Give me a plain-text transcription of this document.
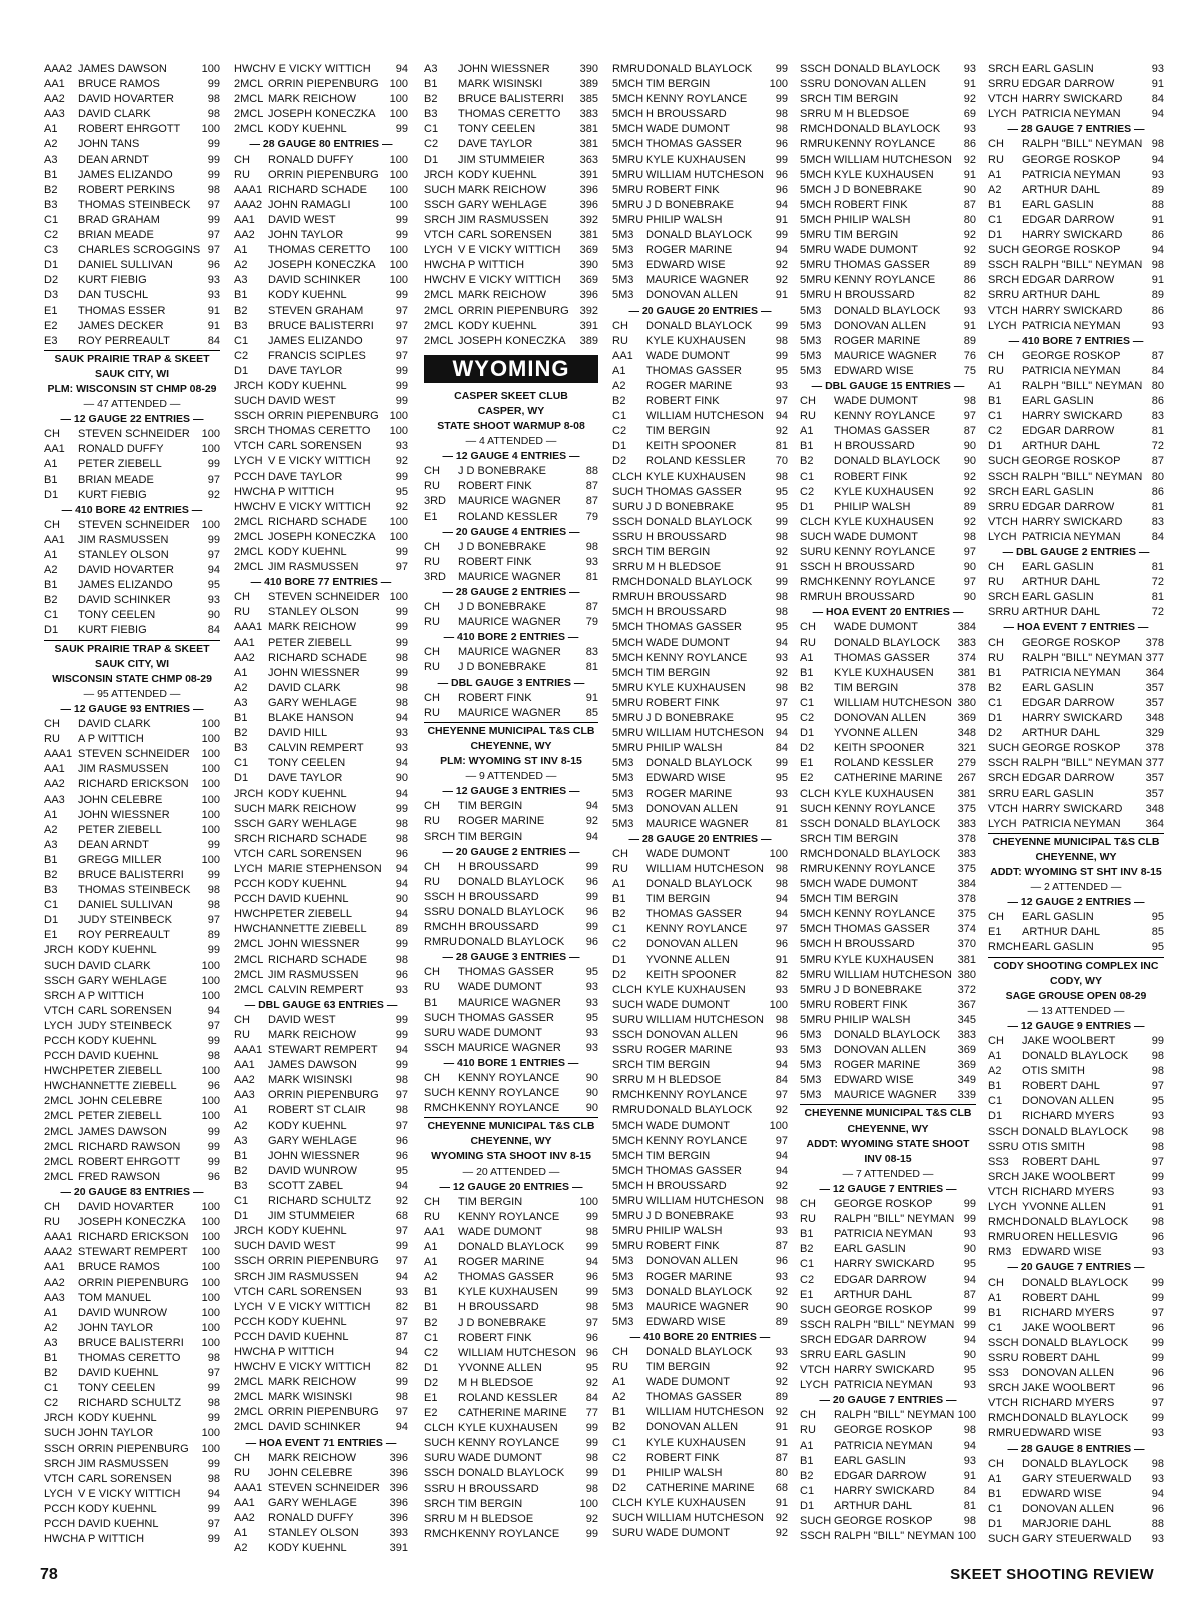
AAA2 JAMES DAWSON	100
AA1	BRUCE RAMOS	99
AA2	DAVID HOVARTER	98
AA3	DAVID CLARK	98
A1	ROBERT EHRGOTT	100
A2	JOHN TANS	99
A3	DEAN ARNDT	99
B1	JAMES ELIZANDO	99
B2	ROBERT PERKINS	98
B3	THOMAS STEINBECK	97
C1	BRAD GRAHAM	99
C2	BRIAN MEADE	97
C3	CHARLES SCROGGINS 97
D1	DANIEL SULLIVAN	96
D2	KURT FIEBIG	93
D3	DAN TUSCHL	93
E1	THOMAS ESSER	91
E2	JAMES DECKER	91
E3	ROY PERREAULT	84
SAUK PRAIRIE TRAP & SKEET
SAUK CITY, WI
PLM: WISCONSIN ST CHMP 08-29
— 47 ATTENDED —
— 12 GAUGE 22 ENTRIES —
CH	STEVEN SCHNEIDER	100
AA1	RONALD DUFFY	100
A1	PETER ZIEBELL	99
B1	BRIAN MEADE	97
D1	KURT FIEBIG	92
— 410 BORE 42 ENTRIES —
CH	STEVEN SCHNEIDER	100
AA1	JIM RASMUSSEN	99
A1	STANLEY OLSON	97
A2	DAVID HOVARTER	94
B1	JAMES ELIZANDO	95
B2	DAVID SCHINKER	93
C1	TONY CEELEN	90
D1	KURT FIEBIG	84
SAUK PRAIRIE TRAP & SKEET
SAUK CITY, WI
WISCONSIN STATE CHMP 08-29
— 95 ATTENDED —
— 12 GAUGE 93 ENTRIES —
CH	DAVID CLARK	100
RU	A P WITTICH	100
AAA1 STEVEN SCHNEIDER	100
AA1	JIM RASMUSSEN	100
AA2	RICHARD ERICKSON	100
AA3	JOHN CELEBRE	100
A1	JOHN WIESSNER	100
A2	PETER ZIEBELL	100
A3	DEAN ARNDT	99
B1	GREGG MILLER	100
B2	BRUCE BALISTERRI	99
B3	THOMAS STEINBECK	98
C1	DANIEL SULLIVAN	98
D1	JUDY STEINBECK	97
E1	ROY PERREAULT	89
JRCH KODY KUEHNL	99
SUCH DAVID CLARK	100
SSCH GARY WEHLAGE	100
SRCH A P WITTICH	100
VTCH CARL SORENSEN	94
LYCH JUDY STEINBECK	97
PCCH KODY KUEHNL	99
PCCH DAVID KUEHNL	98
HWCH PETER ZIEBELL	100
HWCH ANNETTE ZIEBELL	96
2MCL JOHN CELEBRE	100
2MCL PETER ZIEBELL	100
2MCL JAMES DAWSON	99
2MCL RICHARD RAWSON	99
2MCL ROBERT EHRGOTT	99
2MCL FRED RAWSON	96
— 20 GAUGE 83 ENTRIES —
CH	DAVID HOVARTER	100
RU	JOSEPH KONECZKA	100
AAA1 RICHARD ERICKSON	100
AAA2 STEWART REMPERT	100
AA1	BRUCE RAMOS	100
AA2	ORRIN PIEPENBURG	100
AA3	TOM MANUEL	100
A1	DAVID WUNROW	100
A2	JOHN TAYLOR	100
A3	BRUCE BALISTERRI	100
B1	THOMAS CERETTO	98
B2	DAVID KUEHNL	97
C1	TONY CEELEN	99
C2	RICHARD SCHULTZ	98
JRCH KODY KUEHNL	99
SUCH JOHN TAYLOR	100
SSCH ORRIN PIEPENBURG	100
SRCH JIM RASMUSSEN	99
VTCH CARL SORENSEN	98
LYCH V E VICKY WITTICH	94
PCCH KODY KUEHNL	99
PCCH DAVID KUEHNL	97
HWCH A P WITTICH	99
HWCH V E VICKY WITTICH	94
2MCL ORRIN PIEPENBURG	100
2MCL MARK REICHOW	100
2MCL JOSEPH KONECZKA	100
2MCL KODY KUEHNL	99
— 28 GAUGE 80 ENTRIES —
CH	RONALD DUFFY	100
RU	ORRIN PIEPENBURG	100
AAA1 RICHARD SCHADE	100
AAA2 JOHN RAMAGLI	100
AA1	DAVID WEST	99
AA2	JOHN TAYLOR	99
A1	THOMAS CERETTO	100
A2	JOSEPH KONECZKA	100
A3	DAVID SCHINKER	100
B1	KODY KUEHNL	99
B2	STEVEN GRAHAM	97
B3	BRUCE BALISTERRI	97
C1	JAMES ELIZANDO	97
C2	FRANCIS SCIPLES	97
D1	DAVE TAYLOR	99
JRCH KODY KUEHNL	99
SUCH DAVID WEST	99
SSCH ORRIN PIEPENBURG	100
SRCH THOMAS CERETTO	100
VTCH CARL SORENSEN	93
LYCH V E VICKY WITTICH	92
PCCH DAVE TAYLOR	99
HWCH A P WITTICH	95
HWCH V E VICKY WITTICH	92
2MCL RICHARD SCHADE	100
2MCL JOSEPH KONECZKA	100
2MCL KODY KUEHNL	99
2MCL JIM RASMUSSEN	97
— 410 BORE 77 ENTRIES —
CH	STEVEN SCHNEIDER 100
RU	STANLEY OLSON	99
AAA1 MARK REICHOW	99
AA1	PETER ZIEBELL	99
AA2	RICHARD SCHADE	98
A1	JOHN WIESSNER	99
A2	DAVID CLARK	98
A3	GARY WEHLAGE	98
B1	BLAKE HANSON	94
B2	DAVID HILL	93
B3	CALVIN REMPERT	93
C1	TONY CEELEN	94
D1	DAVE TAYLOR	90
JRCH KODY KUEHNL	94
SUCH MARK REICHOW	99
SSCH GARY WEHLAGE	98
SRCH RICHARD SCHADE	98
VTCH CARL SORENSEN	96
LYCH MARIE STEPHENSON	94
PCCH KODY KUEHNL	94
PCCH DAVID KUEHNL	90
HWCH PETER ZIEBELL	94
HWCH ANNETTE ZIEBELL	89
2MCL JOHN WIESSNER	99
2MCL RICHARD SCHADE	98
2MCL JIM RASMUSSEN	96
2MCL CALVIN REMPERT	93
— DBL GAUGE 63 ENTRIES —
CH	DAVID WEST	99
RU	MARK REICHOW	99
AAA1 STEWART REMPERT	94
AA1	JAMES DAWSON	99
AA2	MARK WISINSKI	98
AA3	ORRIN PIEPENBURG	97
A1	ROBERT ST CLAIR	98
A2	KODY KUEHNL	97
A3	GARY WEHLAGE	96
B1	JOHN WIESSNER	96
B2	DAVID WUNROW	95
B3	SCOTT ZABEL	94
C1	RICHARD SCHULTZ	92
D1	JIM STUMMEIER	68
JRCH KODY KUEHNL	97
SUCH DAVID WEST	99
SSCH ORRIN PIEPENBURG	97
SRCH JIM RASMUSSEN	94
VTCH CARL SORENSEN	93
LYCH V E VICKY WITTICH	82
PCCH KODY KUEHNL	97
PCCH DAVID KUEHNL	87
HWCH A P WITTICH	94
HWCH V E VICKY WITTICH	82
2MCL MARK REICHOW	99
2MCL MARK WISINSKI	98
2MCL ORRIN PIEPENBURG	97
2MCL DAVID SCHINKER	94
— HOA EVENT 71 ENTRIES —
CH	MARK REICHOW	396
RU	JOHN CELEBRE	396
AAA1 STEVEN SCHNEIDER 396
AA1	GARY WEHLAGE	396
AA2	RONALD DUFFY	396
A1	STANLEY OLSON	393
A2	KODY KUEHNL	391
A3	JOHN WIESSNER	390
B1	MARK WISINSKI	389
B2	BRUCE BALISTERRI	385
B3	THOMAS CERETTO	383
C1	TONY CEELEN	381
C2	DAVE TAYLOR	381
D1	JIM STUMMEIER	363
JRCH KODY KUEHNL	391
SUCH MARK REICHOW	396
SSCH GARY WEHLAGE	396
SRCH JIM RASMUSSEN	392
VTCH CARL SORENSEN	381
LYCH V E VICKY WITTICH	369
HWCH A P WITTICH	390
HWCH V E VICKY WITTICH	369
2MCL MARK REICHOW	396
2MCL ORRIN PIEPENBURG	392
2MCL KODY KUEHNL	391
2MCL JOSEPH KONECZKA	389
WYOMING
CASPER SKEET CLUB
CASPER, WY
STATE SHOOT WARMUP 8-08
— 4 ATTENDED —
— 12 GAUGE 4 ENTRIES —
CH	J D BONEBRAKE	88
RU	ROBERT FINK	87
3RD	MAURICE WAGNER	87
E1	ROLAND KESSLER	79
— 20 GAUGE 4 ENTRIES —
CH	J D BONEBRAKE	98
RU	ROBERT FINK	93
3RD	MAURICE WAGNER	81
— 28 GAUGE 2 ENTRIES —
CH	J D BONEBRAKE	87
RU	MAURICE WAGNER	79
— 410 BORE 2 ENTRIES —
CH	MAURICE WAGNER	83
RU	J D BONEBRAKE	81
— DBL GAUGE 3 ENTRIES —
CH	ROBERT FINK	91
RU	MAURICE WAGNER	85
CHEYENNE MUNICIPAL T&S CLB
CHEYENNE, WY
PLM: WYOMING ST INV 8-15
— 9 ATTENDED —
— 12 GAUGE 3 ENTRIES —
CH	TIM BERGIN	94
RU	ROGER MARINE	92
SRCH TIM BERGIN	94
— 20 GAUGE 2 ENTRIES —
CH	H BROUSSARD	99
RU	DONALD BLAYLOCK	96
SSCH H BROUSSARD	99
SSRU DONALD BLAYLOCK	96
RMCH H BROUSSARD	99
RMRU DONALD BLAYLOCK	96
— 28 GAUGE 3 ENTRIES —
CH	THOMAS GASSER	95
RU	WADE DUMONT	93
B1	MAURICE WAGNER	93
SUCH THOMAS GASSER	95
SURU WADE DUMONT	93
SSCH MAURICE WAGNER	93
— 410 BORE 1 ENTRIES —
CH	KENNY ROYLANCE	90
SUCH KENNY ROYLANCE	90
RMCH KENNY ROYLANCE	90
CHEYENNE MUNICIPAL T&S CLB
CHEYENNE, WY
WYOMING STA SHOOT INV 8-15
— 20 ATTENDED —
— 12 GAUGE 20 ENTRIES —
CH	TIM BERGIN	100
RU	KENNY ROYLANCE	99
AA1	WADE DUMONT	98
A1	DONALD BLAYLOCK	99
A1	ROGER MARINE	94
A2	THOMAS GASSER	96
B1	KYLE KUXHAUSEN	99
B1	H BROUSSARD	98
B2	J D BONEBRAKE	97
C1	ROBERT FINK	96
C2	WILLIAM HUTCHESON 96
D1	YVONNE ALLEN	95
D2	M H BLEDSOE	92
E1	ROLAND KESSLER	84
E2	CATHERINE MARINE	77
CLCH KYLE KUXHAUSEN	99
SUCH KENNY ROYLANCE	99
SURU WADE DUMONT	98
SSCH DONALD BLAYLOCK	99
SSRU H BROUSSARD	98
SRCH TIM BERGIN	100
SRRU M H BLEDSOE	92
RMCH KENNY ROYLANCE	99
RMRU DONALD BLAYLOCK	99
5MCH TIM BERGIN	100
5MCH KENNY ROYLANCE	99
5MCH H BROUSSARD	98
5MCH WADE DUMONT	98
5MCH THOMAS GASSER	96
5MRU KYLE KUXHAUSEN	99
5MRU WILLIAM HUTCHESON	96
5MRU ROBERT FINK	96
5MRU J D BONEBRAKE	94
5MRU PHILIP WALSH	91
5M3	DONALD BLAYLOCK	99
5M3	ROGER MARINE	94
5M3	EDWARD WISE	92
5M3	MAURICE WAGNER	92
5M3	DONOVAN ALLEN	91
— 20 GAUGE 20 ENTRIES —
CH	DONALD BLAYLOCK	99
RU	KYLE KUXHAUSEN	98
AA1	WADE DUMONT	99
A1	THOMAS GASSER	95
A2	ROGER MARINE	93
B2	ROBERT FINK	97
C1	WILLIAM HUTCHESON	94
C2	TIM BERGIN	92
D1	KEITH SPOONER	81
D2	ROLAND KESSLER	70
CLCH KYLE KUXHAUSEN	98
SUCH THOMAS GASSER	95
SURU J D BONEBRAKE	95
SSCH DONALD BLAYLOCK	99
SSRU H BROUSSARD	98
SRCH TIM BERGIN	92
SRRU M H BLEDSOE	91
RMCH DONALD BLAYLOCK	99
RMRU H BROUSSARD	98
5MCH H BROUSSARD	98
5MCH THOMAS GASSER	95
5MCH WADE DUMONT	94
5MCH KENNY ROYLANCE	93
5MCH TIM BERGIN	92
5MRU KYLE KUXHAUSEN	98
5MRU ROBERT FINK	97
5MRU J D BONEBRAKE	95
5MRU WILLIAM HUTCHESON	94
5MRU PHILIP WALSH	84
5M3	DONALD BLAYLOCK	99
5M3	EDWARD WISE	95
5M3	ROGER MARINE	93
5M3	DONOVAN ALLEN	91
5M3	MAURICE WAGNER	81
— 28 GAUGE 20 ENTRIES —
CH	WADE DUMONT	100
RU	WILLIAM HUTCHESON	98
A1	DONALD BLAYLOCK	98
B1	TIM BERGIN	94
B2	THOMAS GASSER	94
C1	KENNY ROYLANCE	97
C2	DONOVAN ALLEN	96
D1	YVONNE ALLEN	91
D2	KEITH SPOONER	82
CLCH KYLE KUXHAUSEN	93
SUCH WADE DUMONT	100
SURU WILLIAM HUTCHESON	98
SSCH DONOVAN ALLEN	96
SSRU ROGER MARINE	93
SRCH TIM BERGIN	94
SRRU M H BLEDSOE	84
RMCH KENNY ROYLANCE	97
RMRU DONALD BLAYLOCK	92
5MCH WADE DUMONT	100
5MCH KENNY ROYLANCE	97
5MCH TIM BERGIN	94
5MCH THOMAS GASSER	94
5MCH H BROUSSARD	92
5MRU WILLIAM HUTCHESON	98
5MRU J D BONEBRAKE	93
5MRU PHILIP WALSH	93
5MRU ROBERT FINK	87
5M3	DONOVAN ALLEN	96
5M3	ROGER MARINE	93
5M3	DONALD BLAYLOCK	92
5M3	MAURICE WAGNER	90
5M3	EDWARD WISE	89
— 410 BORE 20 ENTRIES —
CH	DONALD BLAYLOCK	93
RU	TIM BERGIN	92
A1	WADE DUMONT	92
A2	THOMAS GASSER	89
B1	WILLIAM HUTCHESON	92
B2	DONOVAN ALLEN	91
C1	KYLE KUXHAUSEN	91
C2	ROBERT FINK	87
D1	PHILIP WALSH	80
D2	CATHERINE MARINE	68
CLCH KYLE KUXHAUSEN	91
SUCH WILLIAM HUTCHESON	92
SURU WADE DUMONT	92
SSCH DONALD BLAYLOCK	93
SSRU DONOVAN ALLEN	91
SRCH TIM BERGIN	92
SRRU M H BLEDSOE	69
RMCH DONALD BLAYLOCK	93
RMRU KENNY ROYLANCE	86
5MCH WILLIAM HUTCHESON	92
5MCH KYLE KUXHAUSEN	91
5MCH J D BONEBRAKE	90
5MCH ROBERT FINK	87
5MCH PHILIP WALSH	80
5MRU TIM BERGIN	92
5MRU WADE DUMONT	92
5MRU THOMAS GASSER	89
5MRU KENNY ROYLANCE	86
5MRU H BROUSSARD	82
5M3	DONALD BLAYLOCK	93
5M3	DONOVAN ALLEN	91
5M3	ROGER MARINE	89
5M3	MAURICE WAGNER	76
5M3	EDWARD WISE	75
— DBL GAUGE 15 ENTRIES —
CH	WADE DUMONT	98
RU	KENNY ROYLANCE	97
A1	THOMAS GASSER	87
B1	H BROUSSARD	90
B2	DONALD BLAYLOCK	90
C1	ROBERT FINK	92
C2	KYLE KUXHAUSEN	92
D1	PHILIP WALSH	89
CLCH KYLE KUXHAUSEN	92
SUCH WADE DUMONT	98
SURU KENNY ROYLANCE	97
SSCH H BROUSSARD	90
RMCH KENNY ROYLANCE	97
RMRU H BROUSSARD	90
— HOA EVENT 20 ENTRIES —
CH	WADE DUMONT	384
RU	DONALD BLAYLOCK	383
A1	THOMAS GASSER	374
B1	KYLE KUXHAUSEN	381
B2	TIM BERGIN	378
C1	WILLIAM HUTCHESON 380
C2	DONOVAN ALLEN	369
D1	YVONNE ALLEN	348
D2	KEITH SPOONER	321
E1	ROLAND KESSLER	279
E2	CATHERINE MARINE	267
CLCH KYLE KUXHAUSEN	381
SUCH KENNY ROYLANCE	375
SSCH DONALD BLAYLOCK	383
SRCH TIM BERGIN	378
RMCH DONALD BLAYLOCK	383
RMRU KENNY ROYLANCE	375
5MCH WADE DUMONT	384
5MCH TIM BERGIN	378
5MCH KENNY ROYLANCE	375
5MCH THOMAS GASSER	374
5MCH H BROUSSARD	370
5MRU KYLE KUXHAUSEN	381
5MRU WILLIAM HUTCHESON 380
5MRU J D BONEBRAKE	372
5MRU ROBERT FINK	367
5MRU PHILIP WALSH	345
5M3	DONALD BLAYLOCK	383
5M3	DONOVAN ALLEN	369
5M3	ROGER MARINE	369
5M3	EDWARD WISE	349
5M3	MAURICE WAGNER	339
CHEYENNE MUNICIPAL T&S CLB
CHEYENNE, WY
ADDT: WYOMING STATE SHOOT
INV 08-15
— 7 ATTENDED —
— 12 GAUGE 7 ENTRIES —
CH	GEORGE ROSKOP	99
RU	RALPH "BILL" NEYMAN 99
B1	PATRICIA NEYMAN	93
B2	EARL GASLIN	90
C1	HARRY SWICKARD	95
C2	EDGAR DARROW	94
E1	ARTHUR DAHL	87
SUCH GEORGE ROSKOP	99
SSCH RALPH "BILL" NEYMAN 99
SRCH EDGAR DARROW	94
SRRU EARL GASLIN	90
VTCH HARRY SWICKARD	95
LYCH PATRICIA NEYMAN	93
— 20 GAUGE 7 ENTRIES —
CH	RALPH "BILL" NEYMAN 100
RU	GEORGE ROSKOP	98
A1	PATRICIA NEYMAN	94
B1	EARL GASLIN	93
B2	EDGAR DARROW	91
C1	HARRY SWICKARD	84
D1	ARTHUR DAHL	81
SUCH GEORGE ROSKOP	98
SSCH RALPH "BILL" NEYMAN 100
SRCH EARL GASLIN	93
SRRU EDGAR DARROW	91
VTCH HARRY SWICKARD	84
LYCH PATRICIA NEYMAN	94
— 28 GAUGE 7 ENTRIES —
CH	RALPH "BILL" NEYMAN 98
RU	GEORGE ROSKOP	94
A1	PATRICIA NEYMAN	93
A2	ARTHUR DAHL	89
B1	EARL GASLIN	88
C1	EDGAR DARROW	91
D1	HARRY SWICKARD	86
SUCH GEORGE ROSKOP	94
SSCH RALPH "BILL" NEYMAN 98
SRCH EDGAR DARROW	91
SRRU ARTHUR DAHL	89
VTCH HARRY SWICKARD	86
LYCH PATRICIA NEYMAN	93
— 410 BORE 7 ENTRIES —
CH	GEORGE ROSKOP	87
RU	PATRICIA NEYMAN	84
A1	RALPH "BILL" NEYMAN 80
B1	EARL GASLIN	86
C1	HARRY SWICKARD	83
C2	EDGAR DARROW	81
D1	ARTHUR DAHL	72
SUCH GEORGE ROSKOP	87
SSCH RALPH "BILL" NEYMAN 80
SRCH EARL GASLIN	86
SRRU EDGAR DARROW	81
VTCH HARRY SWICKARD	83
LYCH PATRICIA NEYMAN	84
— DBL GAUGE 2 ENTRIES —
CH	EARL GASLIN	81
RU	ARTHUR DAHL	72
SRCH EARL GASLIN	81
SRRU ARTHUR DAHL	72
— HOA EVENT 7 ENTRIES —
CH	GEORGE ROSKOP	378
RU	RALPH "BILL" NEYMAN 377
B1	PATRICIA NEYMAN	364
B2	EARL GASLIN	357
C1	EDGAR DARROW	357
D1	HARRY SWICKARD	348
D2	ARTHUR DAHL	329
SUCH GEORGE ROSKOP	378
SSCH RALPH "BILL" NEYMAN 377
SRCH EDGAR DARROW	357
SRRU EARL GASLIN	357
VTCH HARRY SWICKARD	348
LYCH PATRICIA NEYMAN	364
CHEYENNE MUNICIPAL T&S CLB
CHEYENNE, WY
ADDT: WYOMING ST SHT INV 8-15
— 2 ATTENDED —
— 12 GAUGE 2 ENTRIES —
CH	EARL GASLIN	95
E1	ARTHUR DAHL	85
RMCH EARL GASLIN	95
CODY SHOOTING COMPLEX INC
CODY, WY
SAGE GROUSE OPEN 08-29
— 13 ATTENDED —
— 12 GAUGE 9 ENTRIES —
CH	JAKE WOOLBERT	99
A1	DONALD BLAYLOCK	98
A2	OTIS SMITH	98
B1	ROBERT DAHL	97
C1	DONOVAN ALLEN	95
D1	RICHARD MYERS	93
SSCH DONALD BLAYLOCK	98
SSRU OTIS SMITH	98
SS3	ROBERT DAHL	97
SRCH JAKE WOOLBERT	99
VTCH RICHARD MYERS	93
LYCH YVONNE ALLEN	91
RMCH DONALD BLAYLOCK	98
RMRU OREN HELLESVIG	96
RM3 EDWARD WISE	93
— 20 GAUGE 7 ENTRIES —
CH	DONALD BLAYLOCK	99
A1	ROBERT DAHL	99
B1	RICHARD MYERS	97
C1	JAKE WOOLBERT	96
SSCH DONALD BLAYLOCK	99
SSRU ROBERT DAHL	99
SS3	DONOVAN ALLEN	96
SRCH JAKE WOOLBERT	96
VTCH RICHARD MYERS	97
RMCH DONALD BLAYLOCK	99
RMRU EDWARD WISE	93
— 28 GAUGE 8 ENTRIES —
CH	DONALD BLAYLOCK	98
A1	GARY STEUERWALD	93
B1	EDWARD WISE	94
C1	DONOVAN ALLEN	96
D1	MARJORIE DAHL	88
SUCH GARY STEUERWALD	93
78	SKEET SHOOTING REVIEW
